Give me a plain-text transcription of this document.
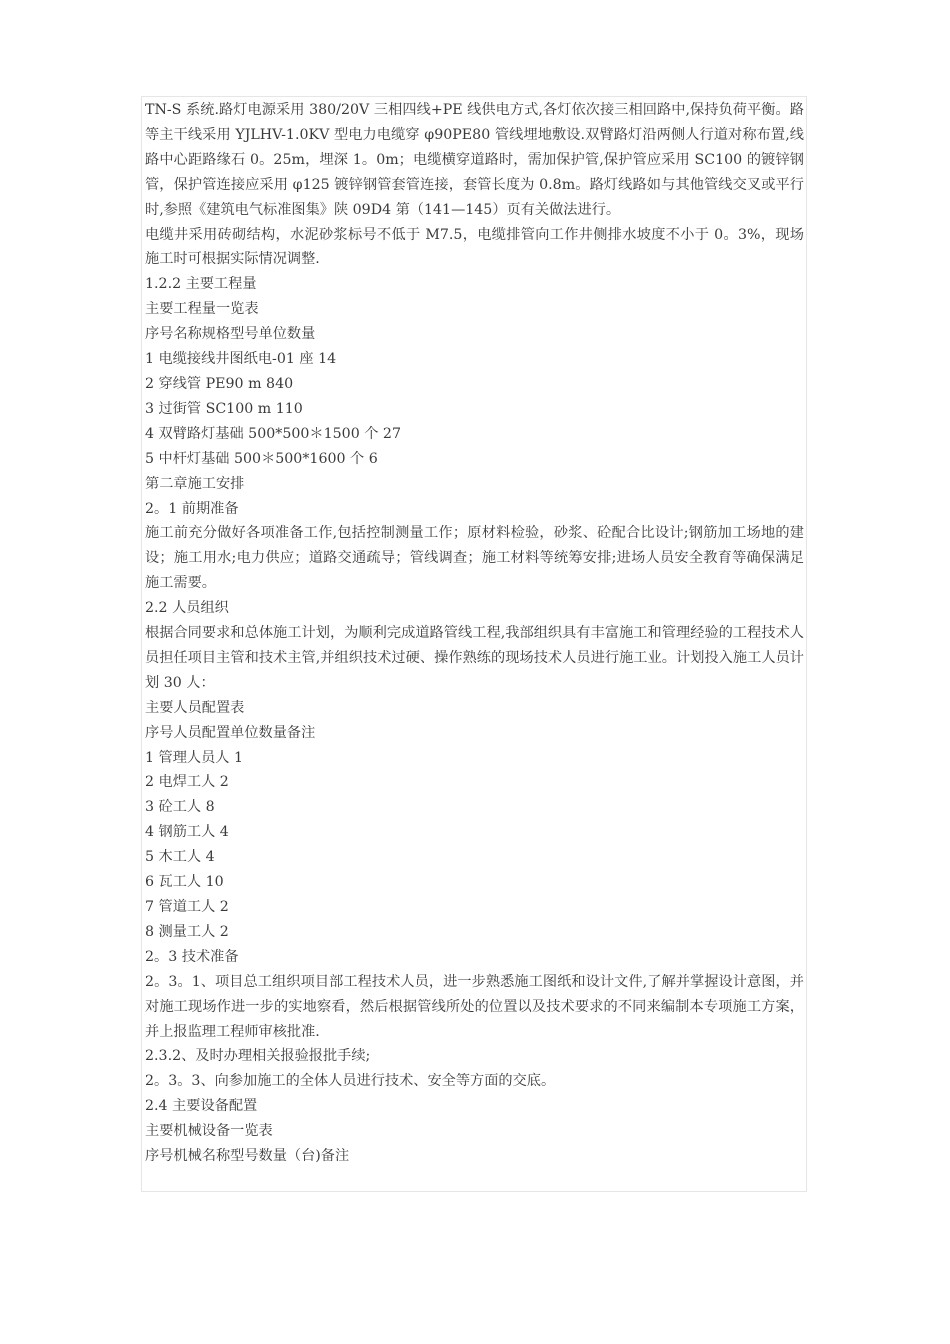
TN-S 系统.路灯电源采用 380/20V 三相四线+PE 线供电方式,各灯依次接三相回路中,保持负荷平衡。路等主干线采用 YJLHV-1.0KV 型电力电缆穿 φ90PE80 管线埋地敷设.双臂路灯沿两侧人行道对称布置,线路中心距路缘石 0。25m，埋深 1。0m；电缆横穿道路时，需加保护管,保护管应采用 SC100 的镀锌钢管，保护管连接应采用 φ125 镀锌钢管套管连接，套管长度为 0.8m。路灯线路如与其他管线交叉或平行时,参照《建筑电气标准图集》陕 09D4 第（141—145）页有关做法进行。

电缆井采用砖砌结构，水泥砂浆标号不低于 M7.5，电缆排管向工作井侧排水坡度不小于 0。3%，现场施工时可根据实际情况调整.

1.2.2 主要工程量

主要工程量一览表

序号名称规格型号单位数量

1 电缆接线井图纸电-01 座 14

2 穿线管 PE90 m 840

3 过街管 SC100 m 110

4 双臂路灯基础 500*500＊1500 个 27

5 中杆灯基础 500＊500*1600 个 6

第二章施工安排

2。1 前期准备

施工前充分做好各项准备工作,包括控制测量工作；原材料检验，砂浆、砼配合比设计;钢筋加工场地的建设；施工用水;电力供应；道路交通疏导；管线调查；施工材料等统筹安排;进场人员安全教育等确保满足施工需要。

2.2 人员组织

根据合同要求和总体施工计划，为顺利完成道路管线工程,我部组织具有丰富施工和管理经验的工程技术人员担任项目主管和技术主管,并组织技术过硬、操作熟练的现场技术人员进行施工业。计划投入施工人员计划 30 人：

主要人员配置表

序号人员配置单位数量备注

1 管理人员人 1

2 电焊工人 2

3 砼工人 8

4 钢筋工人 4

5 木工人 4

6 瓦工人 10

7 管道工人 2

8 测量工人 2

2。3 技术准备

2。3。1、项目总工组织项目部工程技术人员，进一步熟悉施工图纸和设计文件,了解并掌握设计意图，并对施工现场作进一步的实地察看，然后根据管线所处的位置以及技术要求的不同来编制本专项施工方案，并上报监理工程师审核批准.

2.3.2、及时办理相关报验报批手续;

2。3。3、向参加施工的全体人员进行技术、安全等方面的交底。

2.4 主要设备配置

主要机械设备一览表

序号机械名称型号数量（台)备注
